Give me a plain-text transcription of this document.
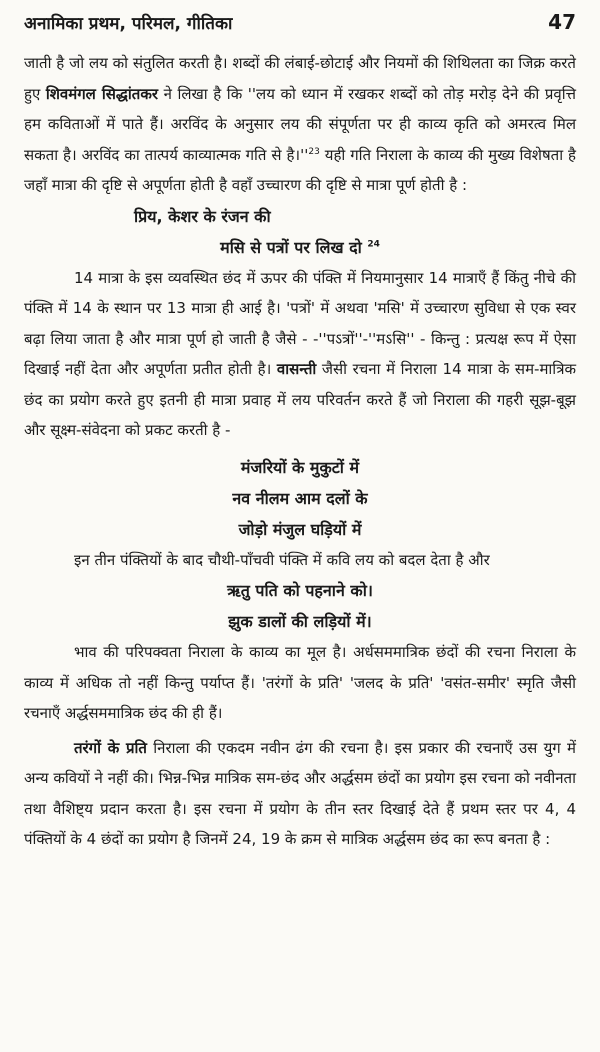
अनामिका प्रथम, परिमल, गीतिका	47

जाती है जो लय को संतुलित करती है। शब्दों की लंबाई-छोटाई और नियमों की शिथिलता का जिक्र करते हुए शिवमंगल सिद्धांतकर ने लिखा है कि ''लय को ध्यान में रखकर शब्दों को तोड़ मरोड़ देने की प्रवृत्ति हम कविताओं में पाते हैं। अरविंद के अनुसार लय की संपूर्णता पर ही काव्य कृति को अमरत्व मिल सकता है। अरविंद का तात्पर्य काव्यात्मक गति से $है।''^{23}$ यही गति निराला के काव्य की मुख्य विशेषता है जहाँ मात्रा की दृष्टि से अपूर्णता होती है वहाँ उच्चारण की दृष्टि से मात्रा पूर्ण होती है :

प्रिय, केशर के रंजन की
मसि से पत्रों पर लिख दो $^{24}$

14 मात्रा के इस व्यवस्थित छंद में ऊपर की पंक्ति में नियमानुसार 14 मात्राएँ हैं किंतु नीचे की पंक्ति में 14 के स्थान पर 13 मात्रा ही आई है। 'पत्रों' में अथवा 'मसि' में उच्चारण सुविधा से एक स्वर बढ़ा लिया जाता है और मात्रा पूर्ण हो जाती है जैसे - -''पऽत्रों''-''मऽसि'' - किन्तु : प्रत्यक्ष रूप में ऐसा दिखाई नहीं देता और अपूर्णता प्रतीत होती है। वासन्ती जैसी रचना में निराला 14 मात्रा के सम-मात्रिक छंद का प्रयोग करते हुए इतनी ही मात्रा प्रवाह में लय परिवर्तन करते हैं जो निराला की गहरी सूझ-बूझ और सूक्ष्म-संवेदना को प्रकट करती है -

मंजरियों के मुकुटों में
नव नीलम आम दलों के
जोड़ो मंजुल घड़ियों में

इन तीन पंक्तियों के बाद चौथी-पाँचवी पंक्ति में कवि लय को बदल देता है और

ऋतु पति को पहनाने को।
झुक डालों की लड़ियों में।

भाव की परिपक्वता निराला के काव्य का मूल है। अर्धसममात्रिक छंदों की रचना निराला के काव्य में अधिक तो नहीं किन्तु पर्याप्त हैं। 'तरंगों के प्रति' 'जलद के प्रति' 'वसंत-समीर' स्मृति जैसी रचनाएँ अर्द्धसममात्रिक छंद की ही हैं।

तरंगों के प्रति निराला की एकदम नवीन ढंग की रचना है। इस प्रकार की रचनाएँ उस युग में अन्य कवियों ने नहीं की। भिन्न-भिन्न मात्रिक सम-छंद और अर्द्धसम छंदों का प्रयोग इस रचना को नवीनता तथा वैशिष्ट्य प्रदान करता है। इस रचना में प्रयोग के तीन स्तर दिखाई देते हैं प्रथम स्तर पर 4, 4 पंक्तियों के 4 छंदों का प्रयोग है जिनमें 24, 19 के क्रम से मात्रिक अर्द्धसम छंद का रूप बनता है :
